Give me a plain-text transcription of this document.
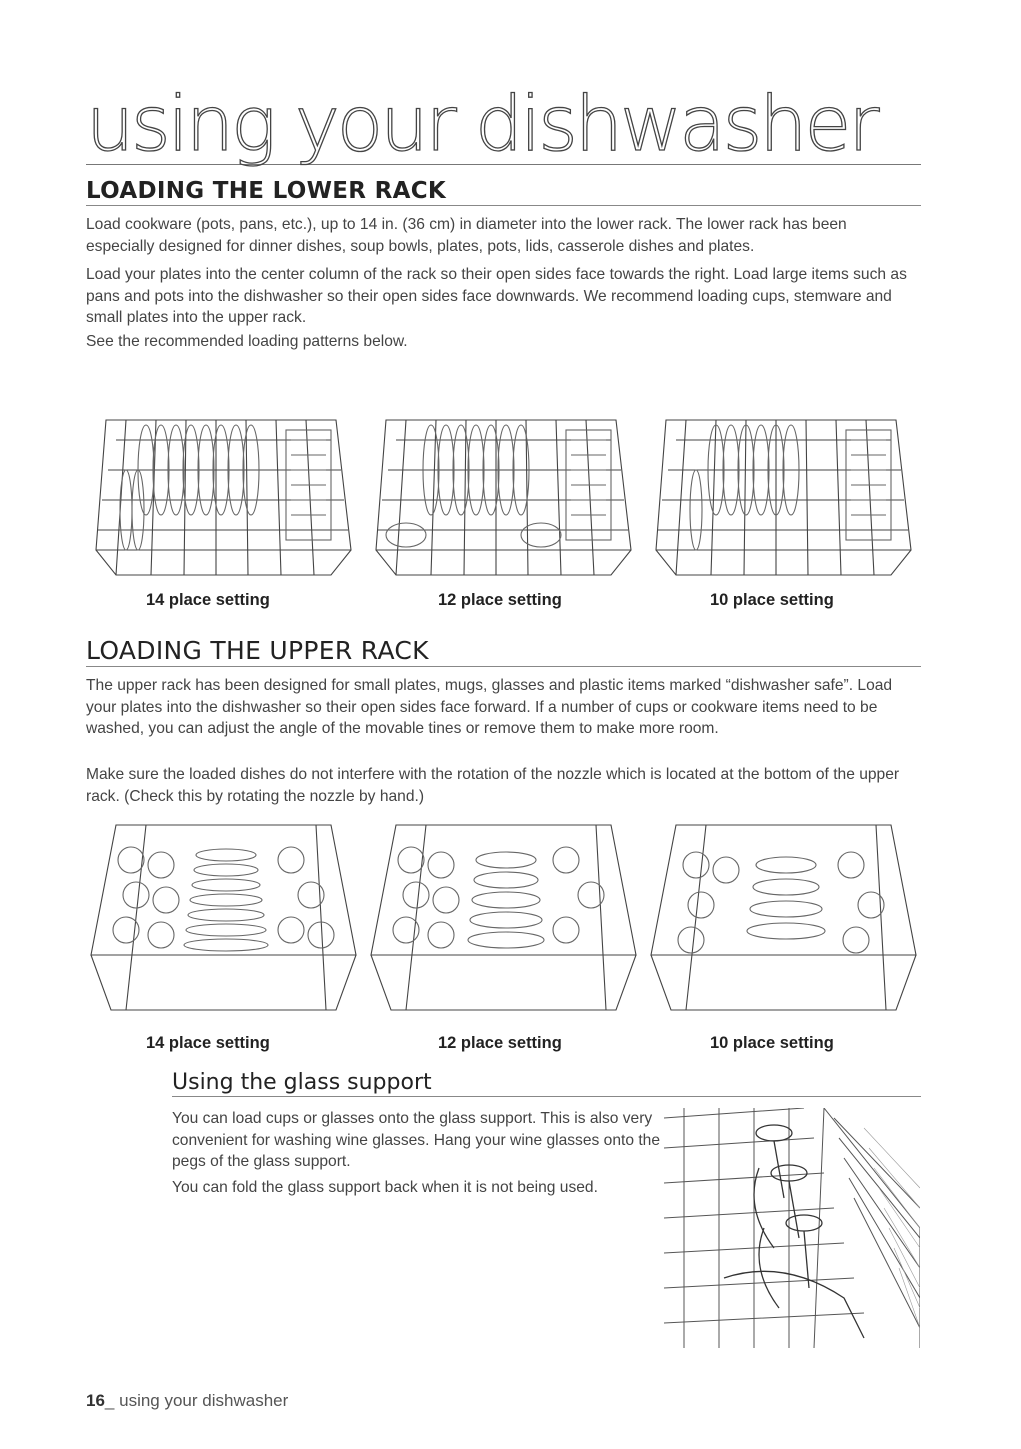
using your dishwasher
LOADING THE LOWER RACK

Load cookware (pots, pans, etc.), up to 14 in. (36 cm) in diameter into the lower rack. The lower rack has been especially designed for dinner dishes, soup bowls, plates, pots, lids, casserole dishes and plates.

Load your plates into the center column of the rack so their open sides face towards the right. Load large items such as pans and pots into the dishwasher so their open sides face downwards. We recommend loading cups, stemware and small plates into the upper rack.

See the recommended loading patterns below.

14 place setting	12 place setting	10 place setting
LOADING THE UPPER RACK

The upper rack has been designed for small plates, mugs, glasses and plastic items marked “dishwasher safe”. Load your plates into the dishwasher so their open sides face forward. If a number of cups or cookware items need to be washed, you can adjust the angle of the movable tines or remove them to make more room.

Make sure the loaded dishes do not interfere with the rotation of the nozzle which is located at the bottom of the upper rack. (Check this by rotating the nozzle by hand.)

14 place setting	12 place setting	10 place setting
Using the glass support

You can load cups or glasses onto the glass support. This is also very convenient for washing wine glasses. Hang your wine glasses onto the pegs of the glass support.

You can fold the glass support back when it is not being used.

16_ using your dishwasher
